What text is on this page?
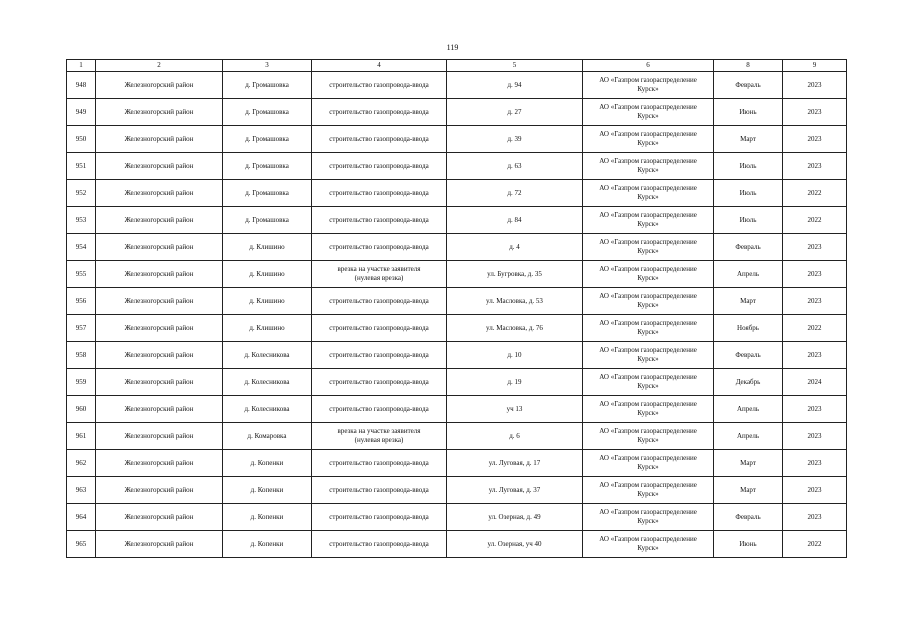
119
1	2	3	4	5	6	8	9
948	Железногорский район	д. Громашовка	строительство газопровода-ввода	д. 94	АО «Газпром газораспределение
Курск»	Февраль	2023
949	Железногорский район	д. Громашовка	строительство газопровода-ввода	д. 27	АО «Газпром газораспределение
Курск»	Июнь	2023
950	Железногорский район	д. Громашовка	строительство газопровода-ввода	д. 39	АО «Газпром газораспределение
Курск»	Март	2023
951	Железногорский район	д. Громашовка	строительство газопровода-ввода	д. 63	АО «Газпром газораспределение
Курск»	Июль	2023
952	Железногорский район	д. Громашовка	строительство газопровода-ввода	д. 72	АО «Газпром газораспределение
Курск»	Июль	2022
953	Железногорский район	д. Громашовка	строительство газопровода-ввода	д. 84	АО «Газпром газораспределение
Курск»	Июль	2022
954	Железногорский район	д. Клишино	строительство газопровода-ввода	д. 4	АО «Газпром газораспределение
Курск»	Февраль	2023
955	Железногорский район	д. Клишино	врезка на участке заявителя
(нулевая врезка)	ул. Бугровка, д. 35	АО «Газпром газораспределение
Курск»	Апрель	2023
956	Железногорский район	д. Клишино	строительство газопровода-ввода	ул. Масловка, д. 53	АО «Газпром газораспределение
Курск»	Март	2023
957	Железногорский район	д. Клишино	строительство газопровода-ввода	ул. Масловка, д. 76	АО «Газпром газораспределение
Курск»	Ноябрь	2022
958	Железногорский район	д. Колесникова	строительство газопровода-ввода	д. 10	АО «Газпром газораспределение
Курск»	Февраль	2023
959	Железногорский район	д. Колесникова	строительство газопровода-ввода	д. 19	АО «Газпром газораспределение
Курск»	Декабрь	2024
960	Железногорский район	д. Колесникова	строительство газопровода-ввода	уч 13	АО «Газпром газораспределение
Курск»	Апрель	2023
961	Железногорский район	д. Комаровка	врезка на участке заявителя
(нулевая врезка)	д. 6	АО «Газпром газораспределение
Курск»	Апрель	2023
962	Железногорский район	д. Копенки	строительство газопровода-ввода	ул. Луговая, д. 17	АО «Газпром газораспределение
Курск»	Март	2023
963	Железногорский район	д. Копенки	строительство газопровода-ввода	ул. Луговая, д. 37	АО «Газпром газораспределение
Курск»	Март	2023
964	Железногорский район	д. Копенки	строительство газопровода-ввода	ул. Озерная, д. 49	АО «Газпром газораспределение
Курск»	Февраль	2023
965	Железногорский район	д. Копенки	строительство газопровода-ввода	ул. Озерная, уч 40	АО «Газпром газораспределение
Курск»	Июнь	2022
